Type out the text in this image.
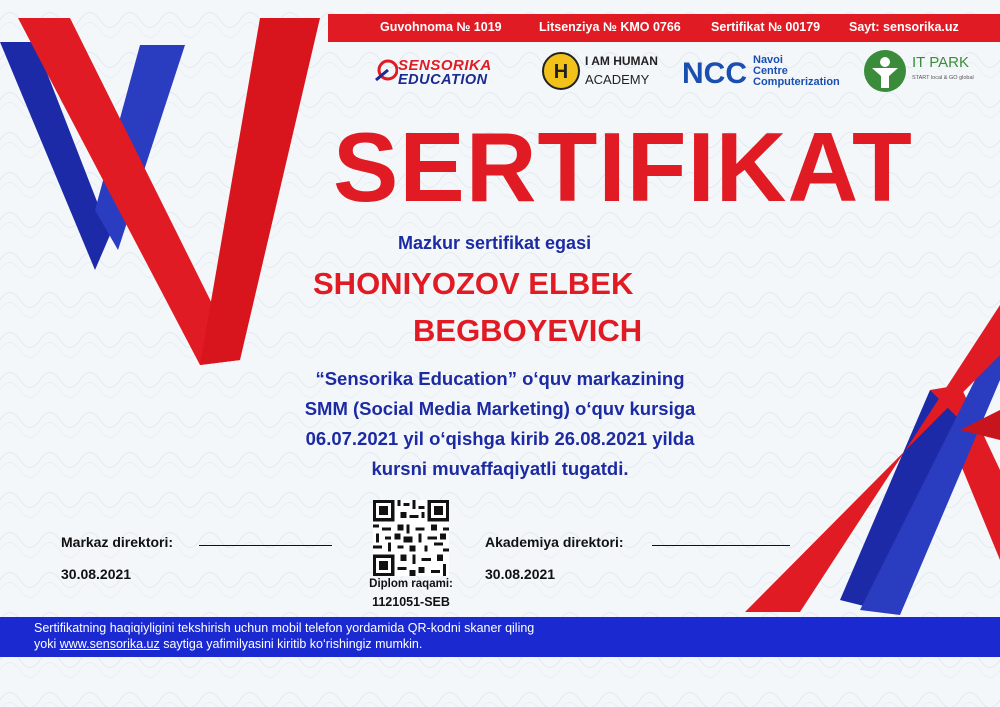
Guvohnoma № 1019	Litsenziya № KMO 0766 Sertifikat № 00179 Sayt: sensorika.uz
SENSORIKA
EDUCATION	H I AM HUMAN
ACADEMY NCC Navoi
Centre
Computerization
IT PARK
START local & GO global
SERTIFIKAT
Mazkur sertifikat egasi
SHONIYOZOV ELBEK
BEGBOYEVICH
“Sensorika Education” o‘quv markazining
SMM (Social Media Marketing) o‘quv kursiga
06.07.2021 yil o‘qishga kirib 26.08.2021 yilda
kursni muvaffaqiyatli tugatdi.
Markaz direktori:
30.08.2021
Akademiya direktori:
30.08.2021
Diplom raqami:
1121051-SEB
Sertifikatning haqiqiyligini tekshirish uchun mobil telefon yordamida QR-kodni skaner qiling
yoki www.sensorika.uz saytiga yafimilyasini kiritib ko‘rishingiz mumkin.
